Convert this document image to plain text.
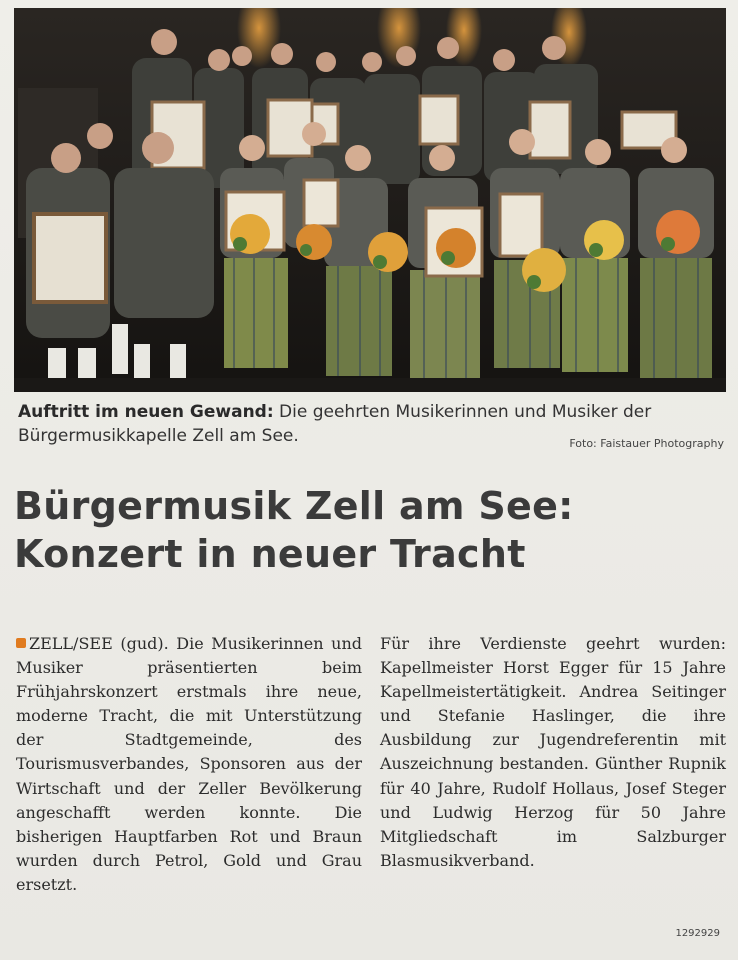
Auftritt im neuen Gewand: Die geehrten Musikerinnen und Musiker der Bürgermusikkapelle Zell am See.	Foto: Faistauer Photography
Bürgermusik Zell am See:
Konzert in neuer Tracht
ZELL/SEE (gud). Die Musikerinnen und Musiker präsentierten beim Frühjahrskonzert erstmals ihre neue, moderne Tracht, die mit Unterstützung der Stadtgemeinde, des Tourismusverbandes, Sponsoren aus der Wirtschaft und der Zeller Bevölkerung angeschafft werden konnte. Die bisherigen Hauptfarben Rot und Braun wurden durch Petrol, Gold und Grau ersetzt.
Für ihre Verdienste geehrt wurden: Kapellmeister Horst Egger für 15 Jahre Kapellmeistertätigkeit. Andrea Seitinger und Stefanie Haslinger, die ihre Ausbildung zur Jugendreferentin mit Auszeichnung bestanden. Günther Rupnik für 40 Jahre, Rudolf Hollaus, Josef Steger und Ludwig Herzog für 50 Jahre Mitgliedschaft im Salzburger Blasmusikverband.
1292929
